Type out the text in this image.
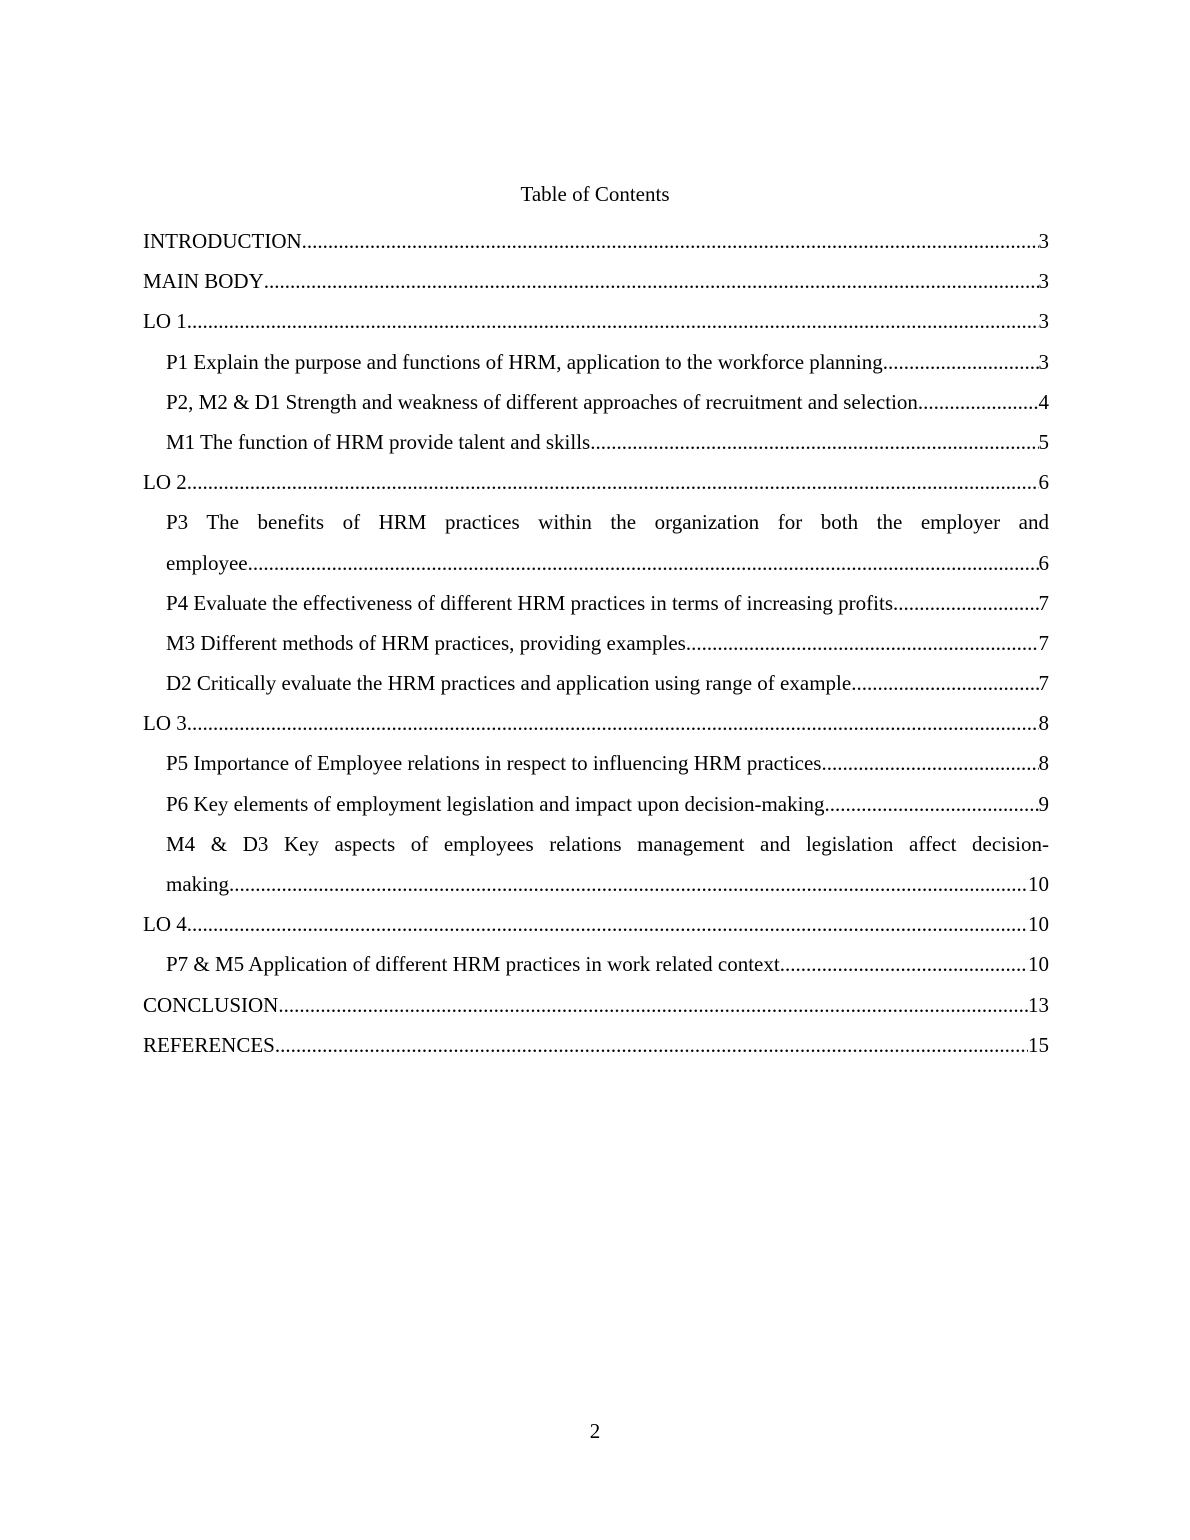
Table of Contents
INTRODUCTION .....	3
MAIN BODY .....	3
LO 1 .....	3
P1 Explain the purpose and functions of HRM, application to the workforce planning .....	3
P2, M2 & D1 Strength and weakness of different approaches of recruitment and selection .....	4
M1 The function of HRM provide talent and skills .....	5
LO 2 .....	6
P3 The benefits of HRM practices within the organization for both the employer and
employee .....	6
P4 Evaluate the effectiveness of different HRM practices in terms of increasing profits .....	7
M3 Different methods of HRM practices, providing examples .....	7
D2 Critically evaluate the HRM practices and application using range of example .....	7
LO 3 .....	8
P5 Importance of Employee relations in respect to influencing HRM practices .....	8
P6 Key elements of employment legislation and impact upon decision-making .....	9
M4 & D3 Key aspects of employees relations management and legislation affect decision-
making .....	10
LO 4 .....	10
P7 & M5 Application of different HRM practices in work related context .....	10
CONCLUSION .....	13
REFERENCES .....	15
2
